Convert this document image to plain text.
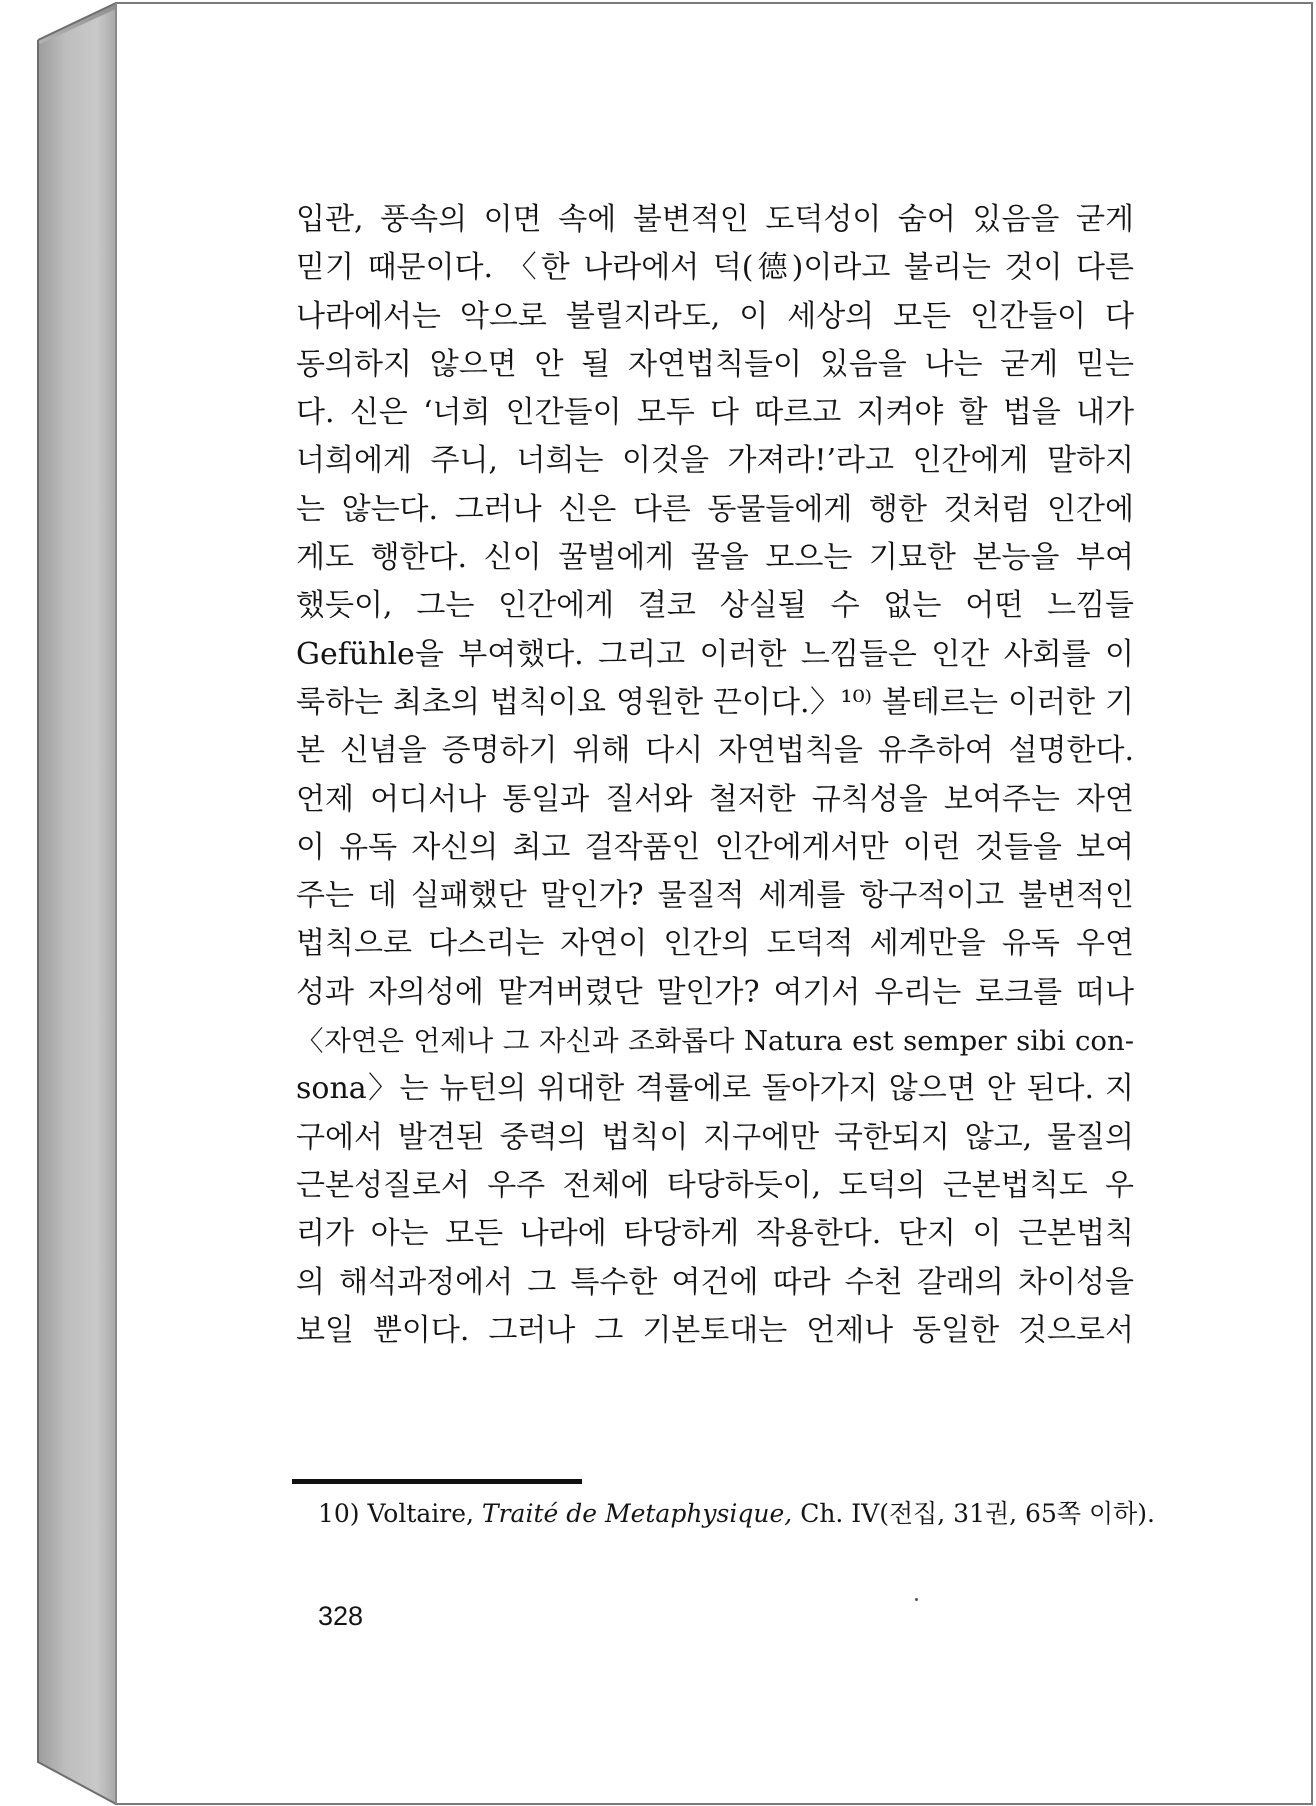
입관, 풍속의 이면 속에 불변적인 도덕성이 숨어 있음을 굳게
믿기 때문이다. 〈한 나라에서 덕(德)이라고 불리는 것이 다른
나라에서는 악으로 불릴지라도, 이 세상의 모든 인간들이 다
동의하지 않으면 안 될 자연법칙들이 있음을 나는 굳게 믿는
다. 신은 ‘너희 인간들이 모두 다 따르고 지켜야 할 법을 내가
너희에게 주니, 너희는 이것을 가져라!’라고 인간에게 말하지
는 않는다. 그러나 신은 다른 동물들에게 행한 것처럼 인간에
게도 행한다. 신이 꿀벌에게 꿀을 모으는 기묘한 본능을 부여
했듯이, 그는 인간에게 결코 상실될 수 없는 어떤 느낌들
Gefühle을 부여했다. 그리고 이러한 느낌들은 인간 사회를 이
룩하는 최초의 법칙이요 영원한 끈이다.〉¹⁰⁾ 볼테르는 이러한 기
본 신념을 증명하기 위해 다시 자연법칙을 유추하여 설명한다.
언제 어디서나 통일과 질서와 철저한 규칙성을 보여주는 자연
이 유독 자신의 최고 걸작품인 인간에게서만 이런 것들을 보여
주는 데 실패했단 말인가? 물질적 세계를 항구적이고 불변적인
법칙으로 다스리는 자연이 인간의 도덕적 세계만을 유독 우연
성과 자의성에 맡겨버렸단 말인가? 여기서 우리는 로크를 떠나
〈자연은 언제나 그 자신과 조화롭다 Natura est semper sibi con-
sona〉는 뉴턴의 위대한 격률에로 돌아가지 않으면 안 된다. 지
구에서 발견된 중력의 법칙이 지구에만 국한되지 않고, 물질의
근본성질로서 우주 전체에 타당하듯이, 도덕의 근본법칙도 우
리가 아는 모든 나라에 타당하게 작용한다. 단지 이 근본법칙
의 해석과정에서 그 특수한 여건에 따라 수천 갈래의 차이성을
보일 뿐이다. 그러나 그 기본토대는 언제나 동일한 것으로서
10) Voltaire, Traité de Metaphysique, Ch. IV(전집, 31권, 65쪽 이하).
328
